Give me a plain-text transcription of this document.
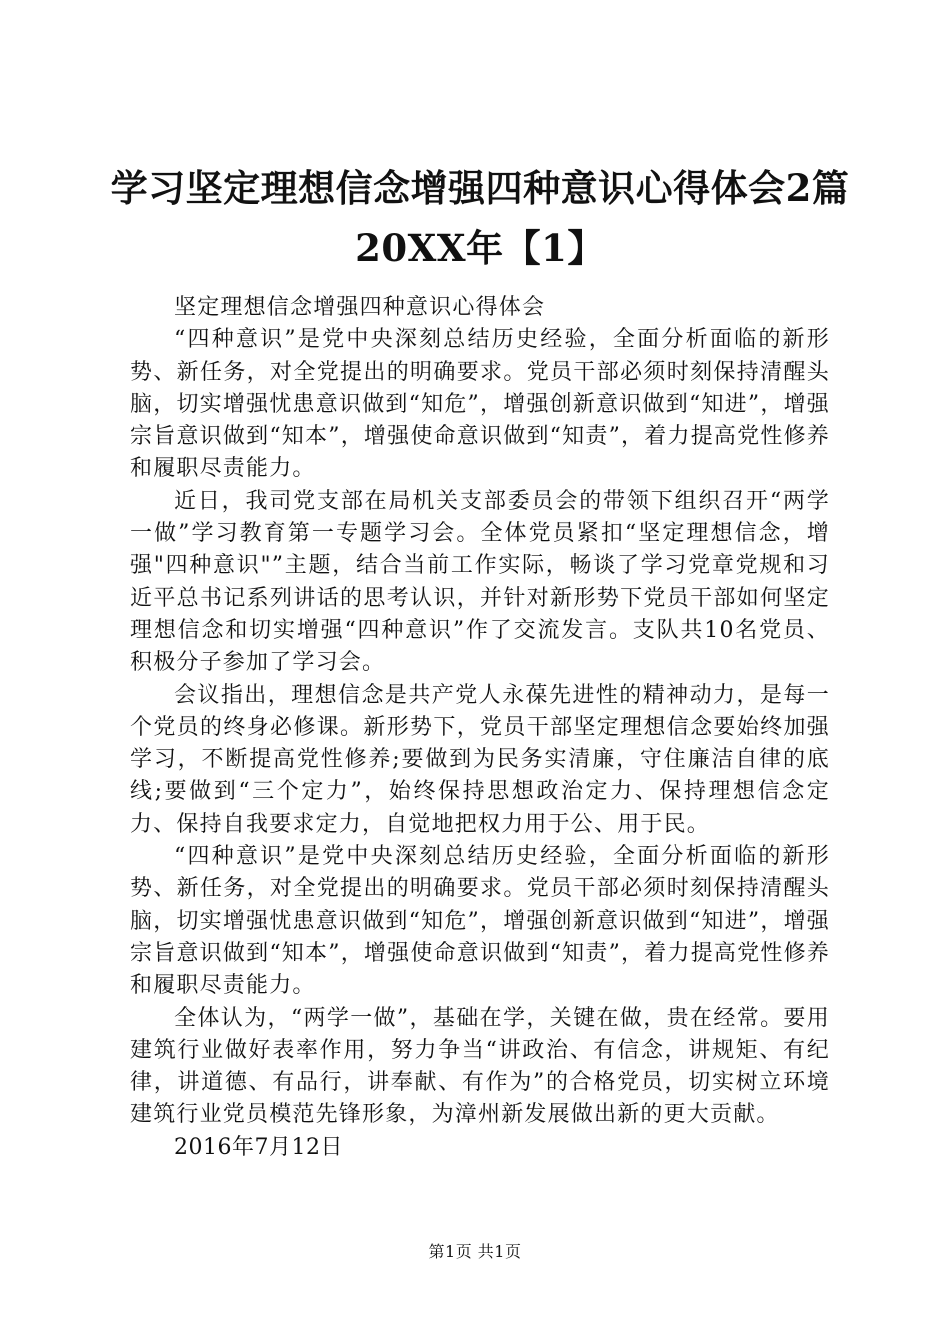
学习坚定理想信念增强四种意识心得体会2篇
20XX年【1】

坚定理想信念增强四种意识心得体会

“四种意识”是党中央深刻总结历史经验，全面分析面临的新形势、新任务，对全党提出的明确要求。党员干部必须时刻保持清醒头脑，切实增强忧患意识做到“知危”，增强创新意识做到“知进”，增强宗旨意识做到“知本”，增强使命意识做到“知责”，着力提高党性修养和履职尽责能力。

近日，我司党支部在局机关支部委员会的带领下组织召开“两学一做”学习教育第一专题学习会。全体党员紧扣“坚定理想信念，增强"四种意识"”主题，结合当前工作实际，畅谈了学习党章党规和习近平总书记系列讲话的思考认识，并针对新形势下党员干部如何坚定理想信念和切实增强“四种意识”作了交流发言。支队共10名党员、积极分子参加了学习会。

会议指出，理想信念是共产党人永葆先进性的精神动力，是每一个党员的终身必修课。新形势下，党员干部坚定理想信念要始终加强学习，不断提高党性修养;要做到为民务实清廉，守住廉洁自律的底线;要做到“三个定力”，始终保持思想政治定力、保持理想信念定力、保持自我要求定力，自觉地把权力用于公、用于民。

“四种意识”是党中央深刻总结历史经验，全面分析面临的新形势、新任务，对全党提出的明确要求。党员干部必须时刻保持清醒头脑，切实增强忧患意识做到“知危”，增强创新意识做到“知进”，增强宗旨意识做到“知本”，增强使命意识做到“知责”，着力提高党性修养和履职尽责能力。

全体认为，“两学一做”，基础在学，关键在做，贵在经常。要用建筑行业做好表率作用，努力争当“讲政治、有信念，讲规矩、有纪律，讲道德、有品行，讲奉献、有作为”的合格党员，切实树立环境建筑行业党员模范先锋形象，为漳州新发展做出新的更大贡献。

2016年7月12日

第1页 共1页
